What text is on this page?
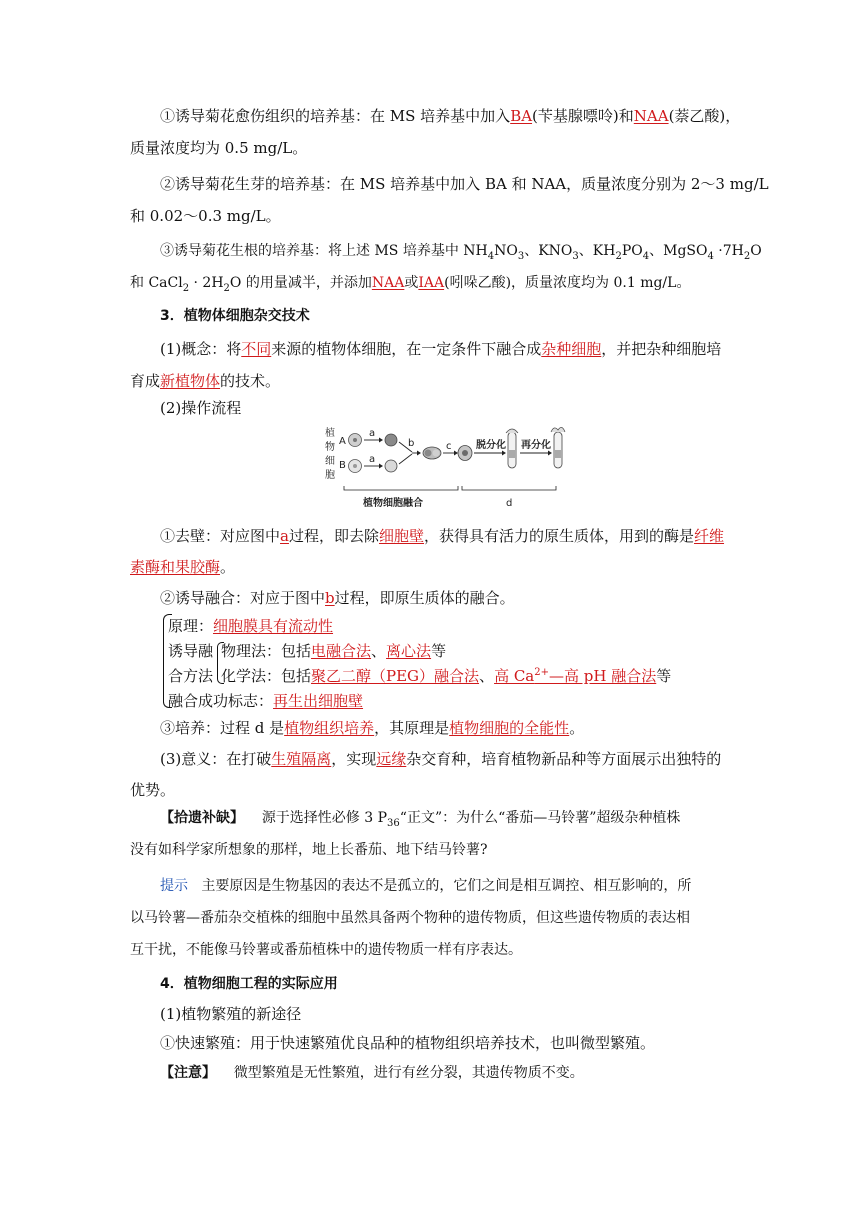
①诱导菊花愈伤组织的培养基：在 MS 培养基中加入BA(苄基腺嘌呤)和NAA(萘乙酸)，
质量浓度均为 0.5 mg/L。
②诱导菊花生芽的培养基：在 MS 培养基中加入 BA 和 NAA，质量浓度分别为 2～3 mg/L
和 0.02～0.3 mg/L。
③诱导菊花生根的培养基：将上述 MS 培养基中 $NH_4NO_3$、$KNO_3$、$KH_2PO_4$、MgSO$_4$ $\cdot 7H_2O$
和 CaCl$_2$ · $2H_2O$ 的用量减半，并添加NAA或IAA(吲哚乙酸)，质量浓度均为 0.1 mg/L。
3．植物体细胞杂交技术
(1)概念：将不同来源的植物体细胞，在一定条件下融合成杂种细胞，并把杂种细胞培
育成新植物体的技术。
(2)操作流程
植
物
细
胞
A
B
a
a
b	c 脱分化 再分化
植物细胞融合	d
①去壁：对应图中a过程，即去除细胞壁，获得具有活力的原生质体，用到的酶是纤维
素酶和果胶酶。
②诱导融合：对应于图中b过程，即原生质体的融合。
原理：细胞膜具有流动性
诱导融
合方法
物理法：包括电融合法、离心法等
化学法：包括聚乙二醇（PEG）融合法、高 $Ca^{2+}—$高 pH 融合法等
融合成功标志：再生出细胞壁
③培养：过程 d 是植物组织培养，其原理是植物细胞的全能性。
(3)意义：在打破生殖隔离，实现远缘杂交育种，培育植物新品种等方面展示出独特的
优势。
【拾遗补缺】 源于选择性必修 3 $P_{36}“$正文”：为什么“番茄—马铃薯”超级杂种植株
没有如科学家所想象的那样，地上长番茄、地下结马铃薯?
提示 主要原因是生物基因的表达不是孤立的，它们之间是相互调控、相互影响的，所
以马铃薯—番茄杂交植株的细胞中虽然具备两个物种的遗传物质，但这些遗传物质的表达相
互干扰，不能像马铃薯或番茄植株中的遗传物质一样有序表达。
4．植物细胞工程的实际应用
(1)植物繁殖的新途径
①快速繁殖：用于快速繁殖优良品种的植物组织培养技术，也叫微型繁殖。
【注意】 微型繁殖是无性繁殖，进行有丝分裂，其遗传物质不变。
